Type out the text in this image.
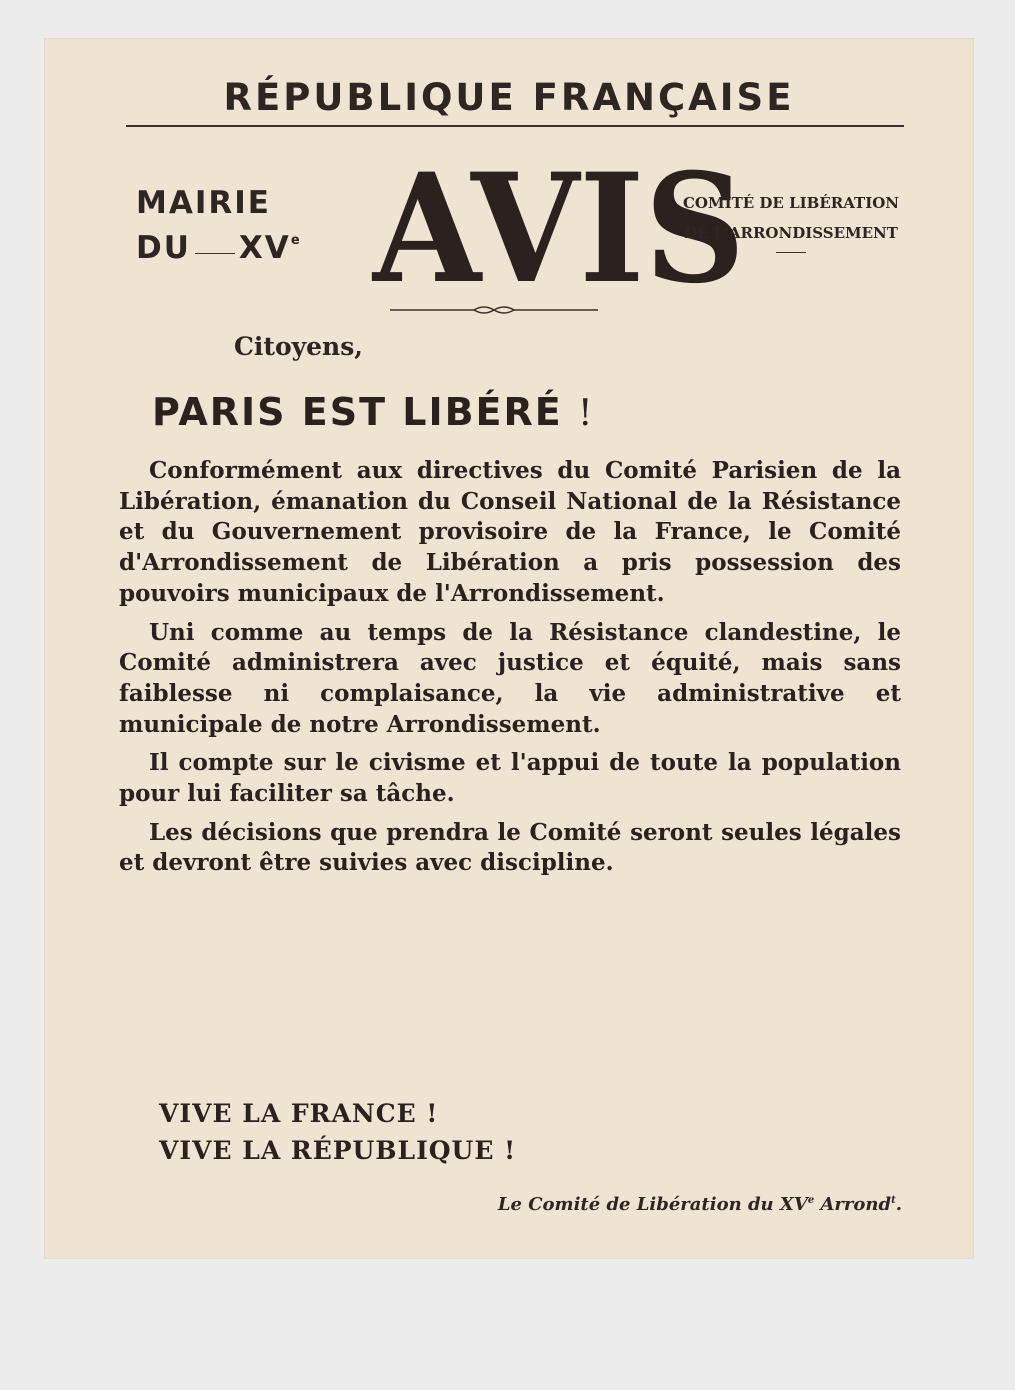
RÉPUBLIQUE FRANÇAISE
MAIRIE
DU XVe AVIS
COMITÉ DE LIBÉRATION
DE L'ARRONDISSEMENT
Citoyens,
PARIS EST LIBÉRÉ !

Conformément aux directives du Comité Parisien de la Libération, émanation du Conseil National de la Résistance et du Gouvernement provisoire de la France, le Comité d'Arrondissement de Libération a pris possession des pouvoirs municipaux de l'Arrondissement.

Uni comme au temps de la Résistance clandestine, le Comité administrera avec justice et équité, mais sans faiblesse ni complaisance, la vie administrative et municipale de notre Arrondissement.

Il compte sur le civisme et l'appui de toute la population pour lui faciliter sa tâche.

Les décisions que prendra le Comité seront seules légales et devront être suivies avec discipline.

VIVE LA FRANCE !
VIVE LA RÉPUBLIQUE !
Le Comité de Libération du XVe Arrond$^t$.
